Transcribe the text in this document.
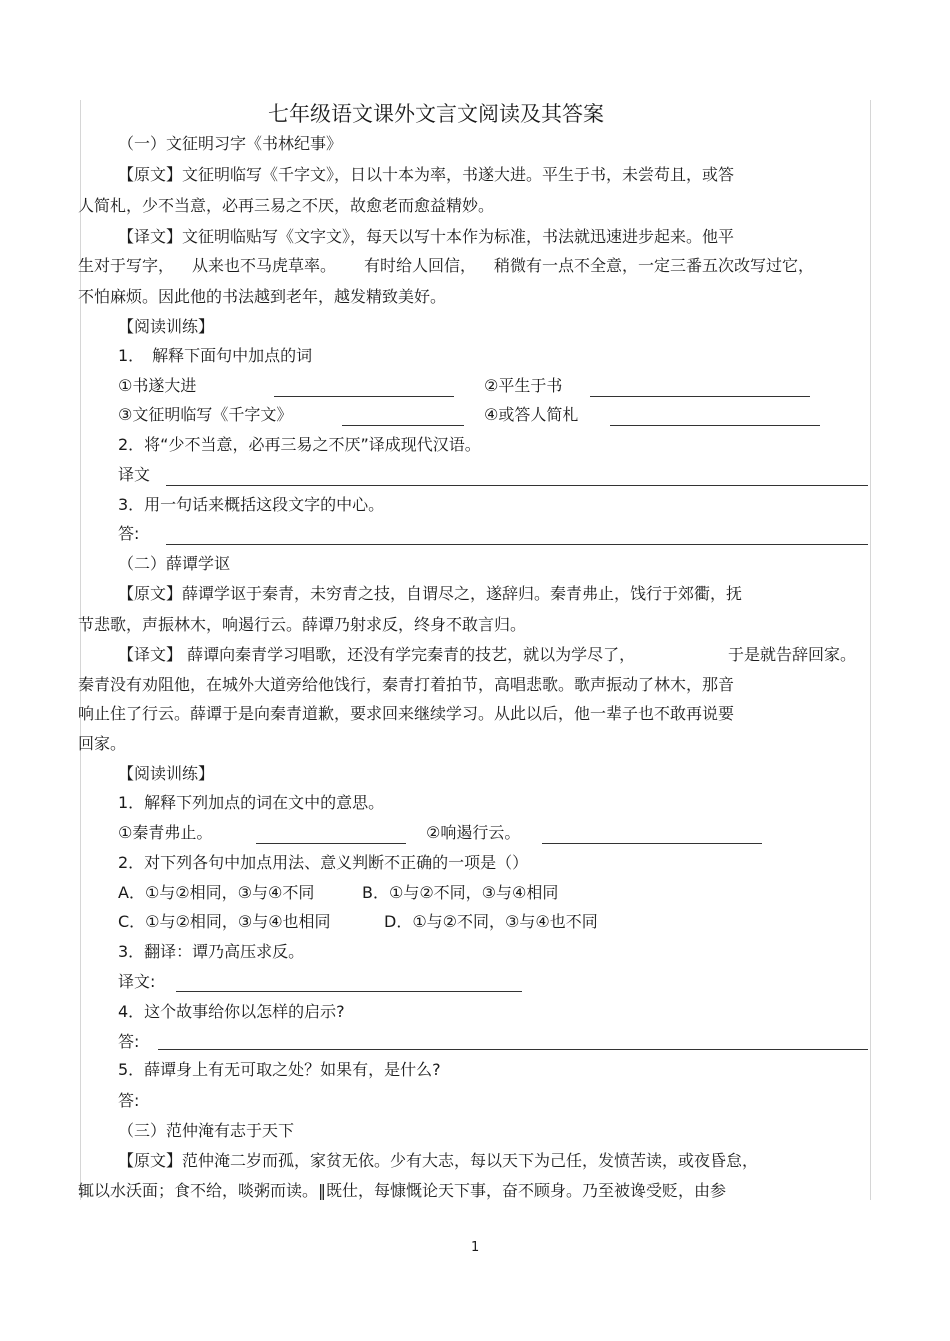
七年级语文课外文言文阅读及其答案
（一）文征明习字《书林纪事》
【原文】文征明临写《千字文》，日以十本为率，书遂大进。平生于书，未尝苟且，或答
人简札，少不当意，必再三易之不厌，故愈老而愈益精妙。
【译文】文征明临贴写《文字文》，每天以写十本作为标准，书法就迅速进步起来。他平
生对于写字， 从来也不马虎草率。 有时给人回信， 稍微有一点不全意，一定三番五次改写过它，
不怕麻烦。因此他的书法越到老年，越发精致美好。
【阅读训练】
1．　解释下面句中加点的词
①书遂大进	②平生于书
③文征明临写《千字文》	④或答人简札
2．将“少不当意，必再三易之不厌”译成现代汉语。
译文
3．用一句话来概括这段文字的中心。
答:
（二）薛谭学讴
【原文】薛谭学讴于秦青，未穷青之技，自谓尽之，遂辞归。秦青弗止，饯行于郊衢，抚
节悲歌，声振林木，响遏行云。薛谭乃射求反，终身不敢言归。
【译文】 薛谭向秦青学习唱歌，还没有学完秦青的技艺，就以为学尽了，	于是就告辞回家。
秦青没有劝阻他，在城外大道旁给他饯行，秦青打着拍节，高唱悲歌。歌声振动了林木，那音
响止住了行云。薛谭于是向秦青道歉，要求回来继续学习。从此以后，他一辈子也不敢再说要
回家。
【阅读训练】
1．解释下列加点的词在文中的意思。
①秦青弗止。	②响遏行云。
2．对下列各句中加点用法、意义判断不正确的一项是（）
A．①与②相同，③与④不同	B．①与②不同，③与④相同
C．①与②相同，③与④也相同	D．①与②不同，③与④也不同
3．翻译：谭乃高压求反。
译文:
4．这个故事给你以怎样的启示?
答:
5．薛谭身上有无可取之处？如果有，是什么?
答:
（三）范仲淹有志于天下
【原文】范仲淹二岁而孤，家贫无依。少有大志，每以天下为己任，发愤苦读，或夜昏怠，
辄以水沃面；食不给，啖粥而读。‖既仕，每慷慨论天下事，奋不顾身。乃至被谗受贬，由参
1
